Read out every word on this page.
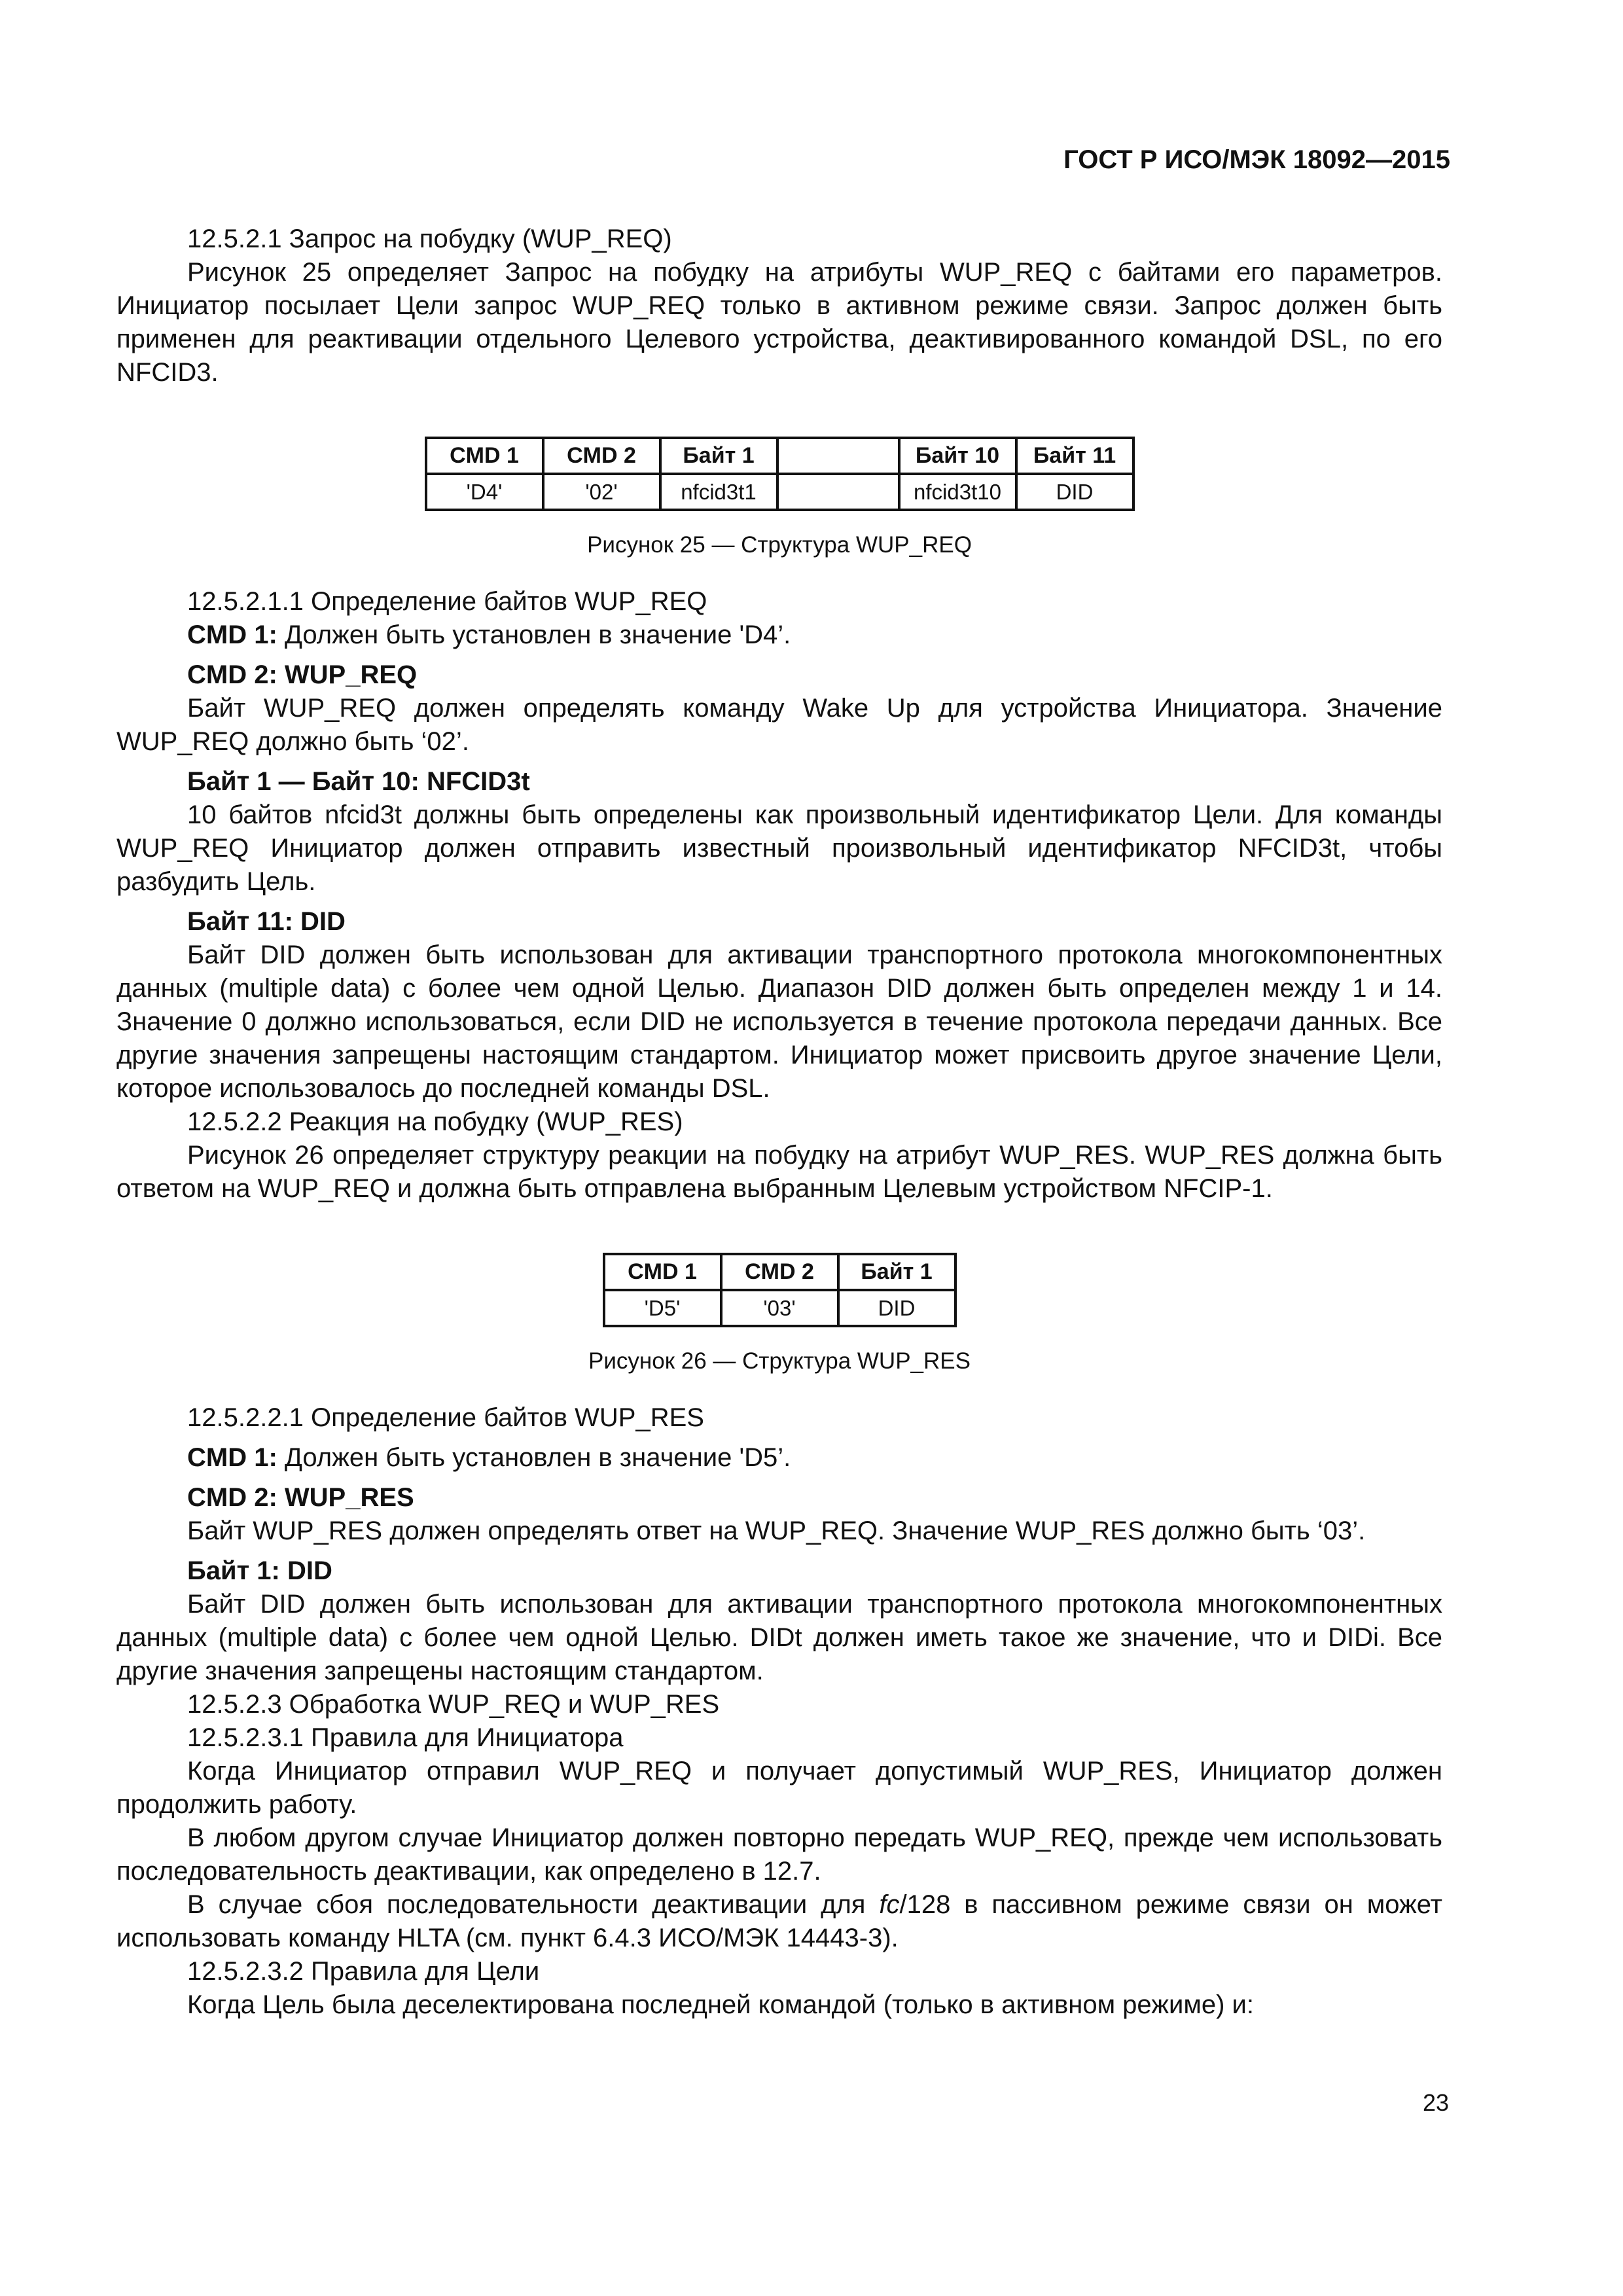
ГОСТ Р ИСО/МЭК 18092—2015

12.5.2.1 Запрос на побудку (WUP_REQ)

Рисунок 25 определяет Запрос на побудку на атрибуты WUP_REQ с байтами его параметров. Инициатор посылает Цели запрос WUP_REQ только в активном режиме связи. Запрос должен быть применен для реактивации отдельного Целевого устройства, деактивированного командой DSL, по его NFCID3.

CMD 1	CMD 2	Байт 1		Байт 10	Байт 11
'D4'	'02'	nfcid3t1		nfcid3t10	DID

Рисунок 25 — Структура WUP_REQ

12.5.2.1.1 Определение байтов WUP_REQ

CMD 1: Должен быть установлен в значение 'D4’.

CMD 2: WUP_REQ

Байт WUP_REQ должен определять команду Wake Up для устройства Инициатора. Значение WUP_REQ должно быть ‘02’.

Байт 1 — Байт 10: NFCID3t

10 байтов nfcid3t должны быть определены как произвольный идентификатор Цели. Для команды WUP_REQ Инициатор должен отправить известный произвольный идентификатор NFCID3t, чтобы разбудить Цель.

Байт 11: DID

Байт DID должен быть использован для активации транспортного протокола многокомпонентных данных (multiple data) с более чем одной Целью. Диапазон DID должен быть определен между 1 и 14. Значение 0 должно использоваться, если DID не используется в течение протокола передачи данных. Все другие значения запрещены настоящим стандартом. Инициатор может присвоить другое значение Цели, которое использовалось до последней команды DSL.

12.5.2.2 Реакция на побудку (WUP_RES)

Рисунок 26 определяет структуру реакции на побудку на атрибут WUP_RES. WUP_RES должна быть ответом на WUP_REQ и должна быть отправлена выбранным Целевым устройством NFCIP-1.

CMD 1	CMD 2	Байт 1
'D5'	'03'	DID

Рисунок 26 — Структура WUP_RES

12.5.2.2.1 Определение байтов WUP_RES

CMD 1: Должен быть установлен в значение 'D5’.

CMD 2: WUP_RES

Байт WUP_RES должен определять ответ на WUP_REQ. Значение WUP_RES должно быть ‘03’.

Байт 1: DID

Байт DID должен быть использован для активации транспортного протокола многокомпонентных данных (multiple data) с более чем одной Целью. DIDt должен иметь такое же значение, что и DIDi. Все другие значения запрещены настоящим стандартом.

12.5.2.3 Обработка WUP_REQ и WUP_RES

12.5.2.3.1 Правила для Инициатора

Когда Инициатор отправил WUP_REQ и получает допустимый WUP_RES, Инициатор должен продолжить работу.

В любом другом случае Инициатор должен повторно передать WUP_REQ, прежде чем использовать последовательность деактивации, как определено в 12.7.

В случае сбоя последовательности деактивации для fc/128 в пассивном режиме связи он может использовать команду HLTA (см. пункт 6.4.3 ИСО/МЭК 14443-3).

12.5.2.3.2 Правила для Цели

Когда Цель была деселектирована последней командой (только в активном режиме) и:

23
